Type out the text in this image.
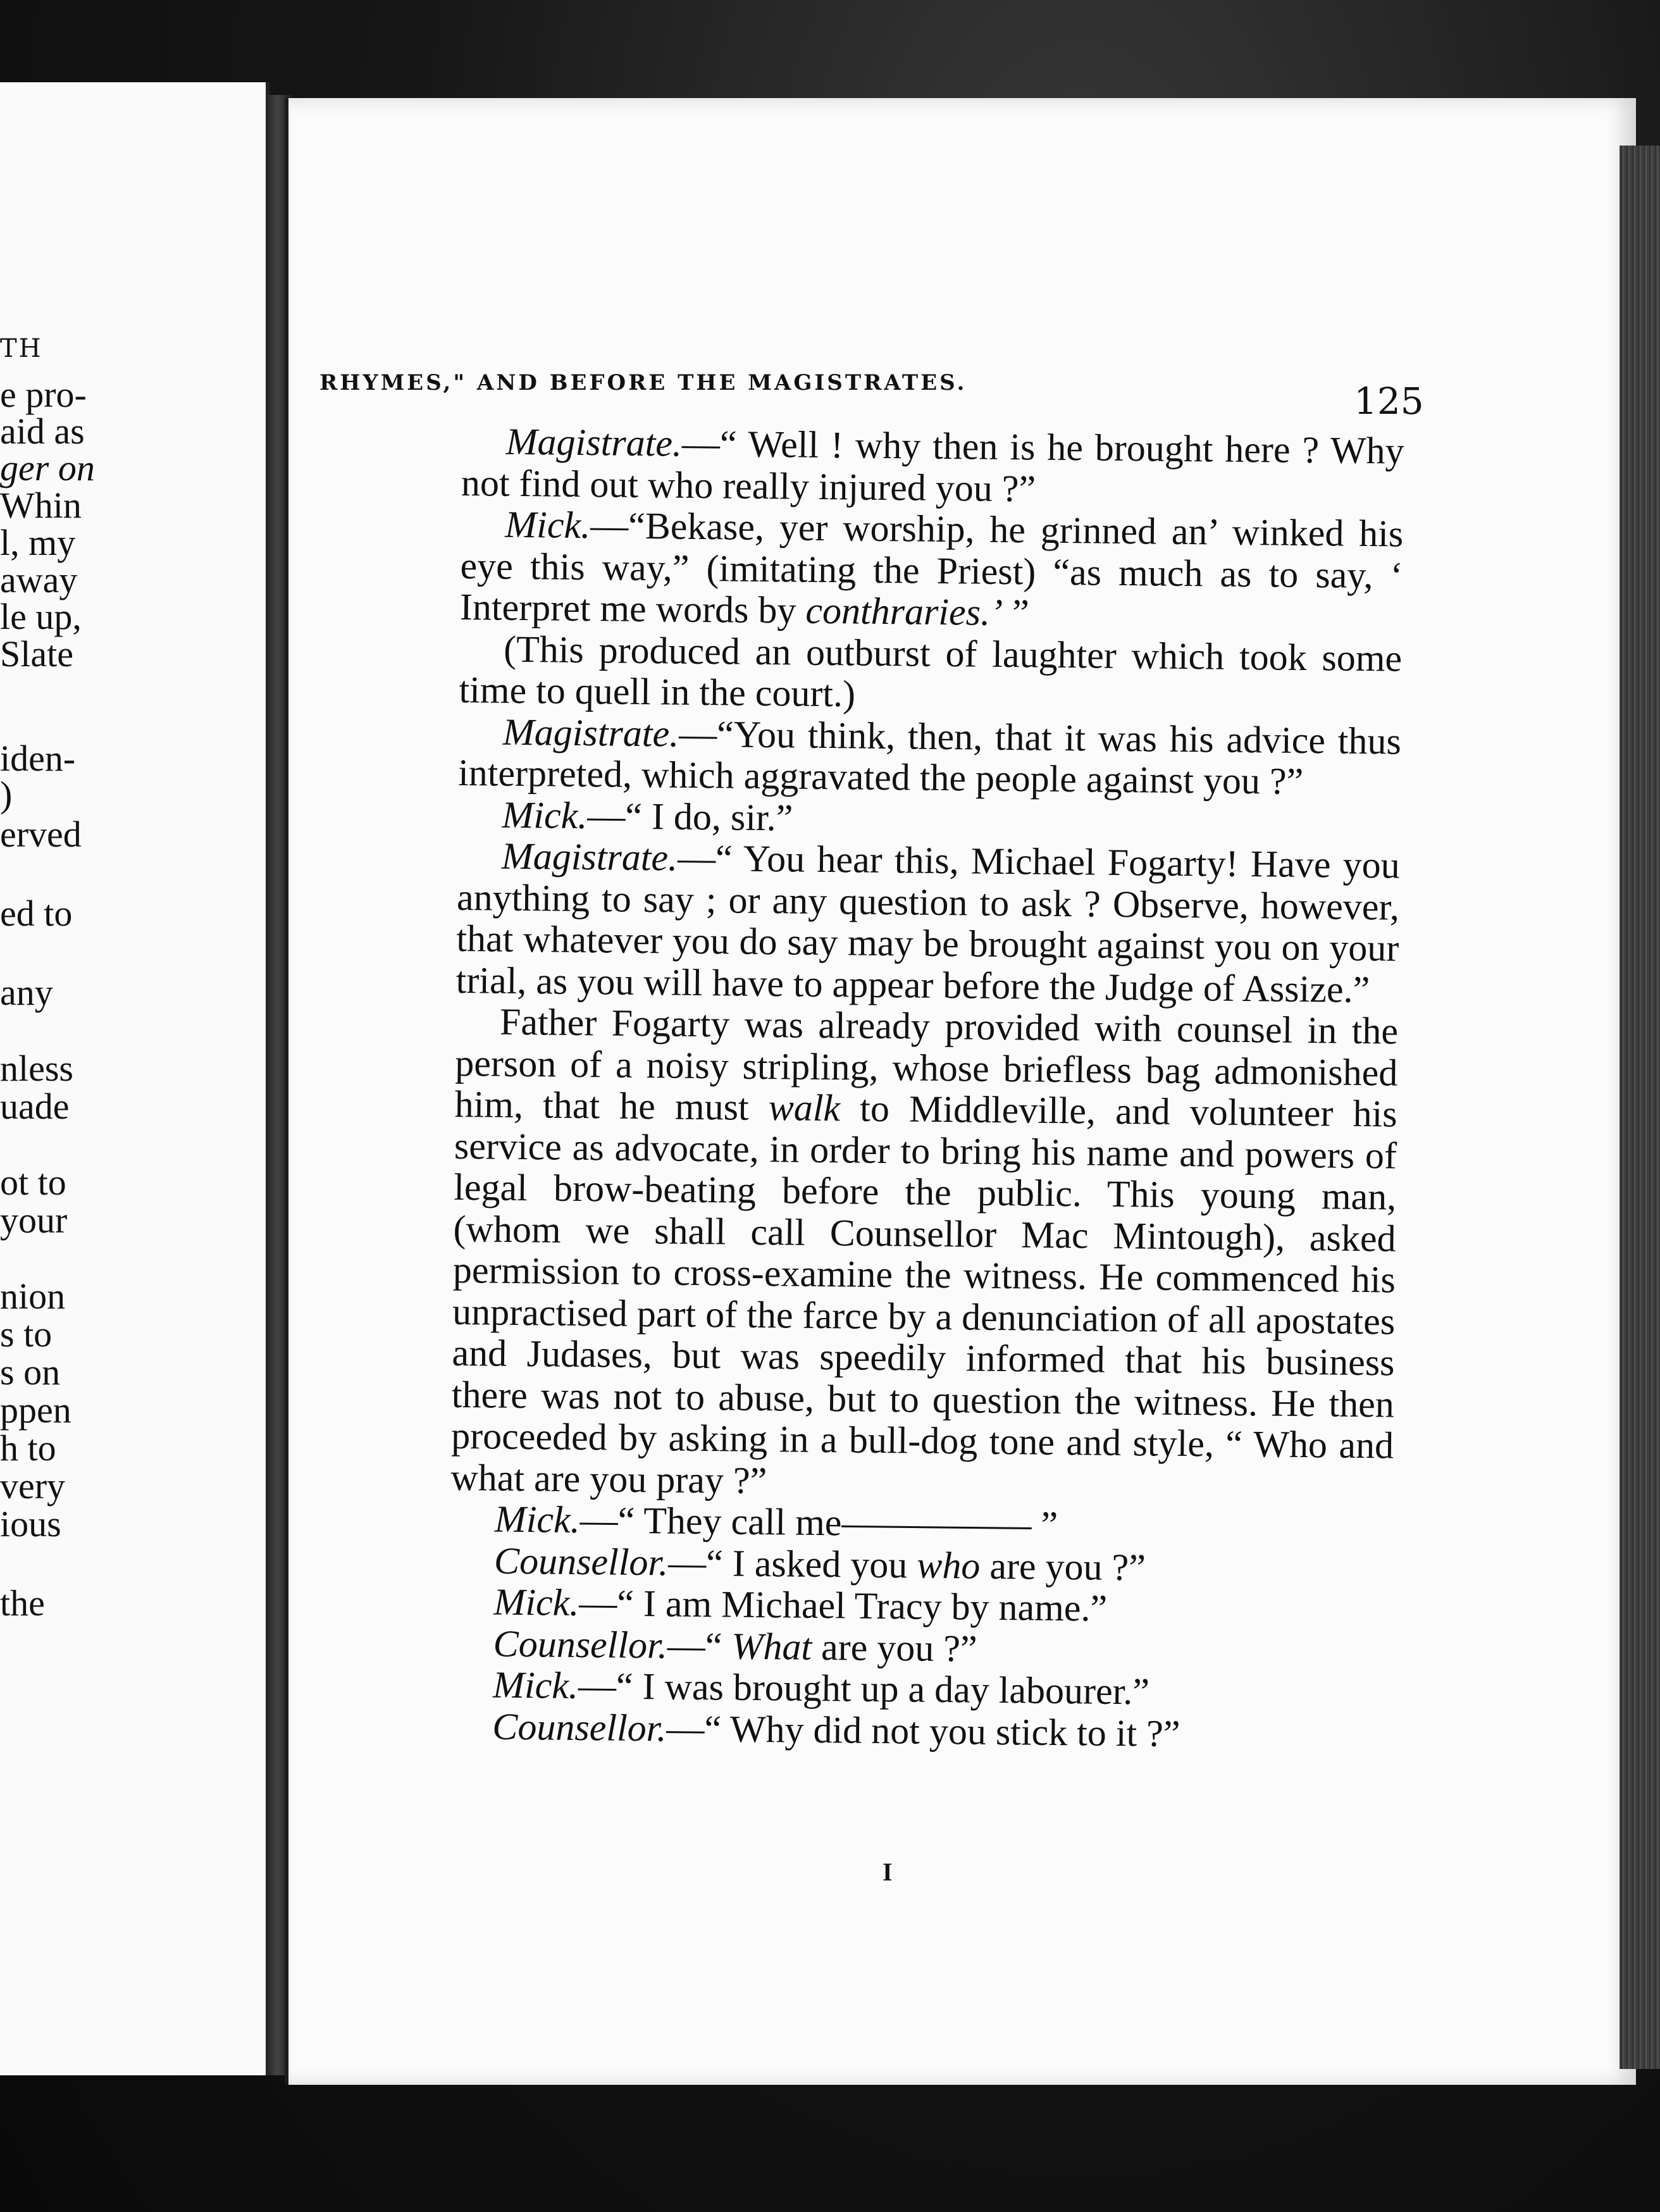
TH
e pro-
aid as
ger on
Whin
l, my
away
le up,
Slate
iden-
)
erved
ed to
any
nless
uade
ot to
your
nion
s to
s on
ppen
h to
very
ious
the
RHYMES," AND BEFORE THE MAGISTRATES.	125

Magistrate.—“ Well ! why then is he brought here ? Why not find out who really injured you ?”

Mick.—“Bekase, yer worship, he grinned an’ winked his eye this way,” (imitating the Priest) “as much as to say, ‘ Interpret me words by conthraries.’ ”

(This produced an outburst of laughter which took some time to quell in the court.)

Magistrate.—“You think, then, that it was his advice thus interpreted, which aggravated the people against you ?”

Mick.—“ I do, sir.”

Magistrate.—“ You hear this, Michael Fogarty! Have you anything to say ; or any question to ask ? Observe, however, that whatever you do say may be brought against you on your trial, as you will have to appear before the Judge of Assize.”

Father Fogarty was already provided with counsel in the person of a noisy stripling, whose briefless bag admonished him, that he must walk to Middleville, and volunteer his service as advocate, in order to bring his name and powers of legal brow-beating before the public. This young man, (whom we shall call Counsellor Mac Mintough), asked permission to cross-examine the witness. He commenced his unpractised part of the farce by a denunciation of all apostates and Judases, but was speedily informed that his business there was not to abuse, but to question the witness. He then proceeded by asking in a bull-dog tone and style, “ Who and what are you pray ?”

Mick.—“ They call me————— ”

Counsellor.—“ I asked you who are you ?”

Mick.—“ I am Michael Tracy by name.”

Counsellor.—“ What are you ?”

Mick.—“ I was brought up a day labourer.”

Counsellor.—“ Why did not you stick to it ?”

I
